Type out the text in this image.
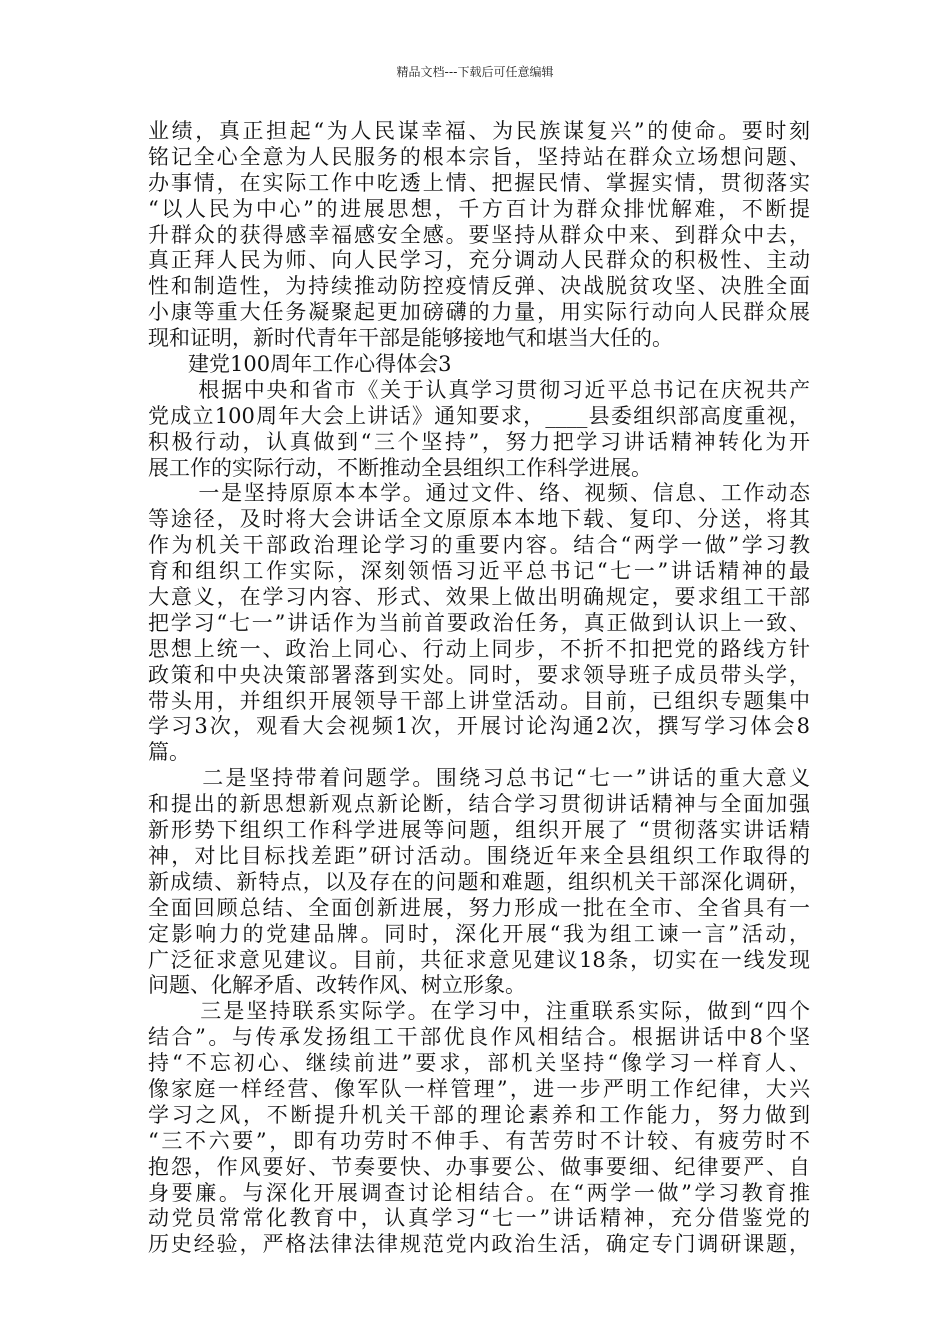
精品文档---下载后可任意编辑
业绩，真正担起“为人民谋幸福、为民族谋复兴”的使命。要时刻
铭记全心全意为人民服务的根本宗旨，坚持站在群众立场想问题、
办事情，在实际工作中吃透上情、把握民情、掌握实情，贯彻落实
“以人民为中心”的进展思想，千方百计为群众排忧解难，不断提
升群众的获得感幸福感安全感。要坚持从群众中来、到群众中去，
真正拜人民为师、向人民学习，充分调动人民群众的积极性、主动
性和制造性，为持续推动防控疫情反弹、决战脱贫攻坚、决胜全面
小康等重大任务凝聚起更加磅礴的力量，用实际行动向人民群众展
现和证明，新时代青年干部是能够接地气和堪当大任的。
建党100周年工作心得体会3
根据中央和省市《关于认真学习贯彻习近平总书记在庆祝共产
党成立100周年大会上讲话》通知要求，____县委组织部高度重视，
积极行动，认真做到“三个坚持”，努力把学习讲话精神转化为开
展工作的实际行动，不断推动全县组织工作科学进展。
一是坚持原原本本学。通过文件、络、视频、信息、工作动态
等途径，及时将大会讲话全文原原本本地下载、复印、分送，将其
作为机关干部政治理论学习的重要内容。结合“两学一做”学习教
育和组织工作实际，深刻领悟习近平总书记“七一”讲话精神的最
大意义，在学习内容、形式、效果上做出明确规定，要求组工干部
把学习“七一”讲话作为当前首要政治任务，真正做到认识上一致、
思想上统一、政治上同心、行动上同步，不折不扣把党的路线方针
政策和中央决策部署落到实处。同时，要求领导班子成员带头学，
带头用，并组织开展领导干部上讲堂活动。目前，已组织专题集中
学习3次，观看大会视频1次，开展讨论沟通2次，撰写学习体会8
篇。
二是坚持带着问题学。围绕习总书记“七一”讲话的重大意义
和提出的新思想新观点新论断，结合学习贯彻讲话精神与全面加强
新形势下组织工作科学进展等问题，组织开展了 “贯彻落实讲话精
神，对比目标找差距”研讨活动。围绕近年来全县组织工作取得的
新成绩、新特点，以及存在的问题和难题，组织机关干部深化调研，
全面回顾总结、全面创新进展，努力形成一批在全市、全省具有一
定影响力的党建品牌。同时，深化开展“我为组工谏一言”活动，
广泛征求意见建议。目前，共征求意见建议18条，切实在一线发现
问题、化解矛盾、改转作风、树立形象。
三是坚持联系实际学。在学习中，注重联系实际，做到“四个
结合”。与传承发扬组工干部优良作风相结合。根据讲话中8个坚
持“不忘初心、继续前进”要求，部机关坚持“像学习一样育人、
像家庭一样经营、像军队一样管理”，进一步严明工作纪律，大兴
学习之风，不断提升机关干部的理论素养和工作能力，努力做到
“三不六要”，即有功劳时不伸手、有苦劳时不计较、有疲劳时不
抱怨，作风要好、节奏要快、办事要公、做事要细、纪律要严、自
身要廉。与深化开展调查讨论相结合。在“两学一做”学习教育推
动党员常常化教育中，认真学习“七一”讲话精神，充分借鉴党的
历史经验，严格法律法律规范党内政治生活，确定专门调研课题，
